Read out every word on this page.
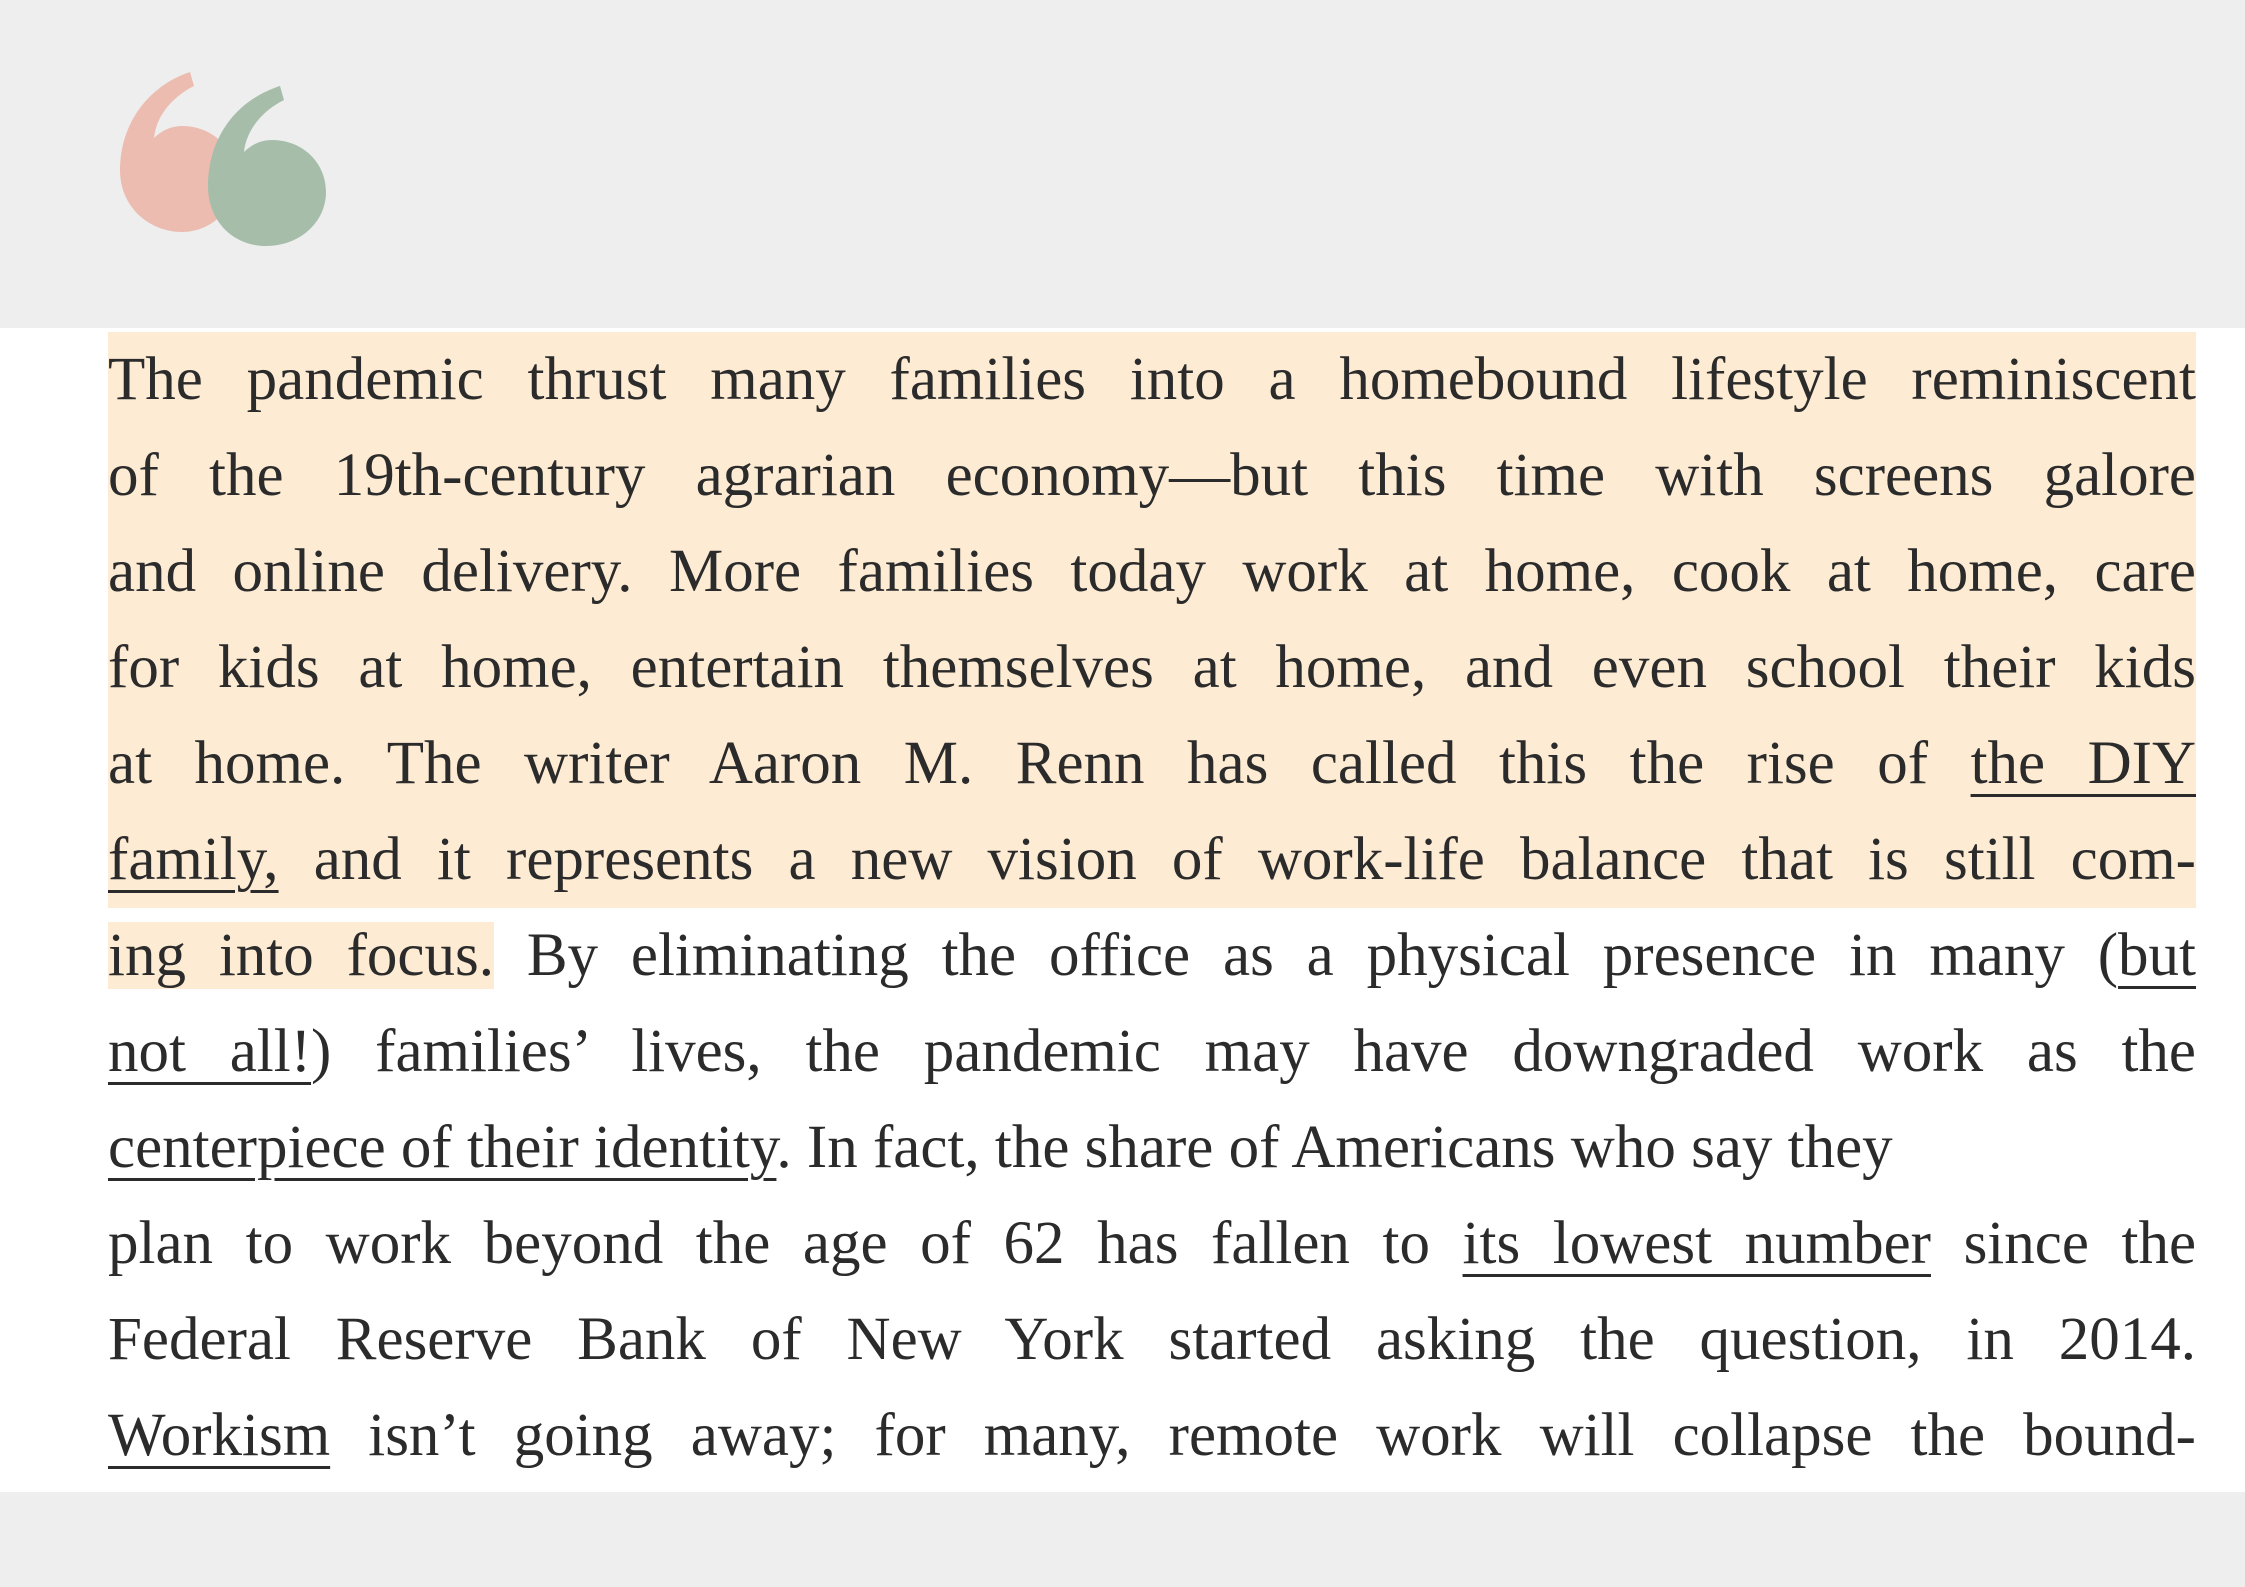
The pandemic thrust many families into a homebound lifestyle reminiscent
of the 19th-century agrarian economy—but this time with screens galore
and online delivery. More families today work at home, cook at home, care
for kids at home, entertain themselves at home, and even school their kids
at home. The writer Aaron M. Renn has called this the rise of the DIY
family, and it represents a new vision of work-life balance that is still com-
ing into focus. By eliminating the office as a physical presence in many (but
not all!) families’ lives, the pandemic may have downgraded work as the
centerpiece of their identity. In fact, the share of Americans who say they
plan to work beyond the age of 62 has fallen to its lowest number since the
Federal Reserve Bank of New York started asking the question, in 2014.
Workism isn’t going away; for many, remote work will collapse the bound-
